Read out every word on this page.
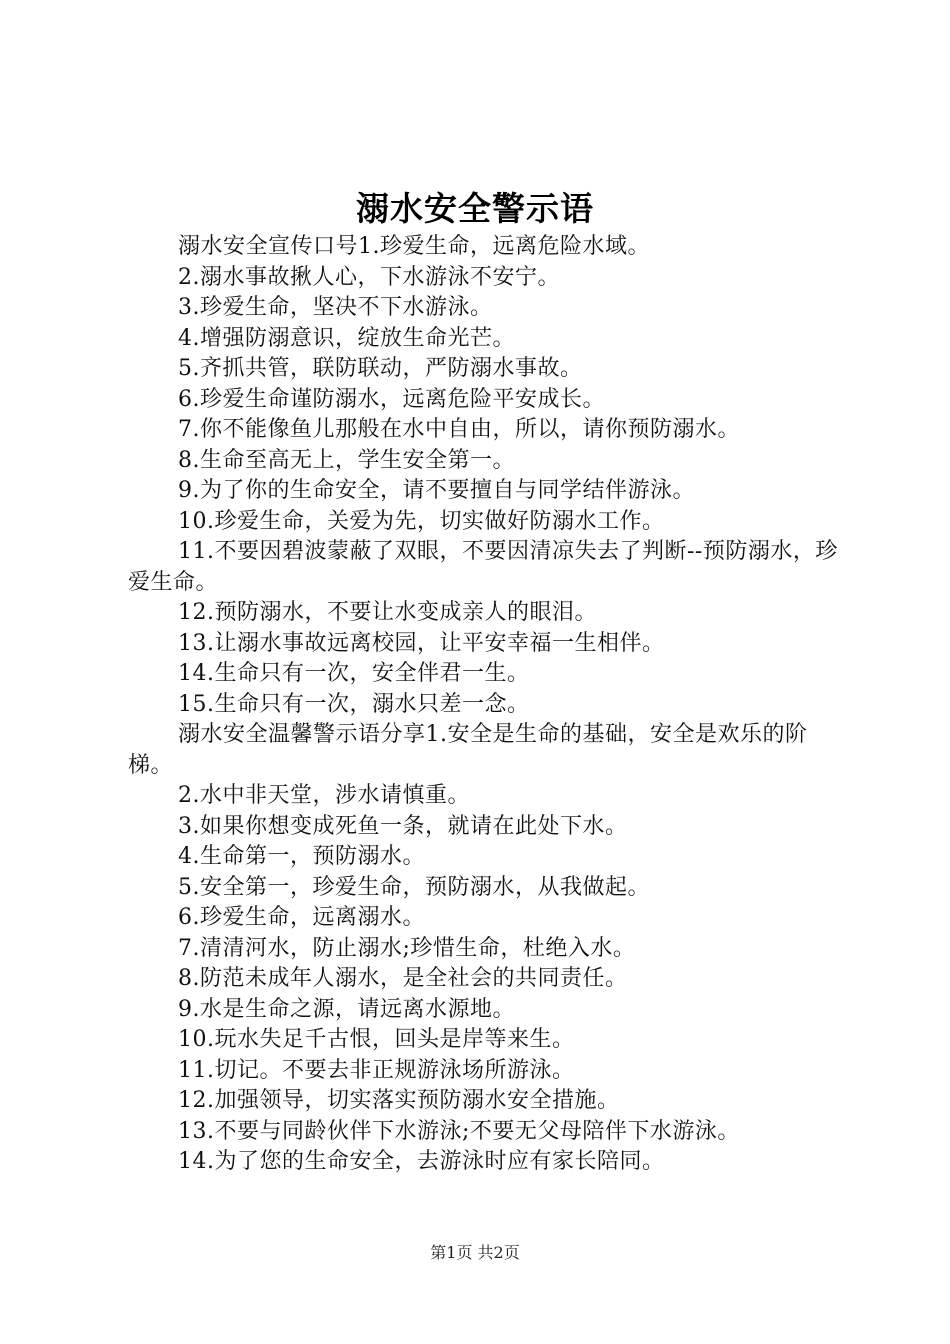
溺水安全警示语

溺水安全宣传口号1.珍爱生命，远离危险水域。

2.溺水事故揪人心，下水游泳不安宁。

3.珍爱生命，坚决不下水游泳。

4.增强防溺意识，绽放生命光芒。

5.齐抓共管，联防联动，严防溺水事故。

6.珍爱生命谨防溺水，远离危险平安成长。

7.你不能像鱼儿那般在水中自由，所以，请你预防溺水。

8.生命至高无上，学生安全第一。

9.为了你的生命安全，请不要擅自与同学结伴游泳。

10.珍爱生命，关爱为先，切实做好防溺水工作。

11.不要因碧波蒙蔽了双眼，不要因清凉失去了判断--预防溺水，珍爱生命。

12.预防溺水，不要让水变成亲人的眼泪。

13.让溺水事故远离校园，让平安幸福一生相伴。

14.生命只有一次，安全伴君一生。

15.生命只有一次，溺水只差一念。

溺水安全温馨警示语分享1.安全是生命的基础，安全是欢乐的阶梯。

2.水中非天堂，涉水请慎重。

3.如果你想变成死鱼一条，就请在此处下水。

4.生命第一，预防溺水。

5.安全第一，珍爱生命，预防溺水，从我做起。

6.珍爱生命，远离溺水。

7.清清河水，防止溺水;珍惜生命，杜绝入水。

8.防范未成年人溺水，是全社会的共同责任。

9.水是生命之源，请远离水源地。

10.玩水失足千古恨，回头是岸等来生。

11.切记。不要去非正规游泳场所游泳。

12.加强领导，切实落实预防溺水安全措施。

13.不要与同龄伙伴下水游泳;不要无父母陪伴下水游泳。

14.为了您的生命安全，去游泳时应有家长陪同。

第1页 共2页
